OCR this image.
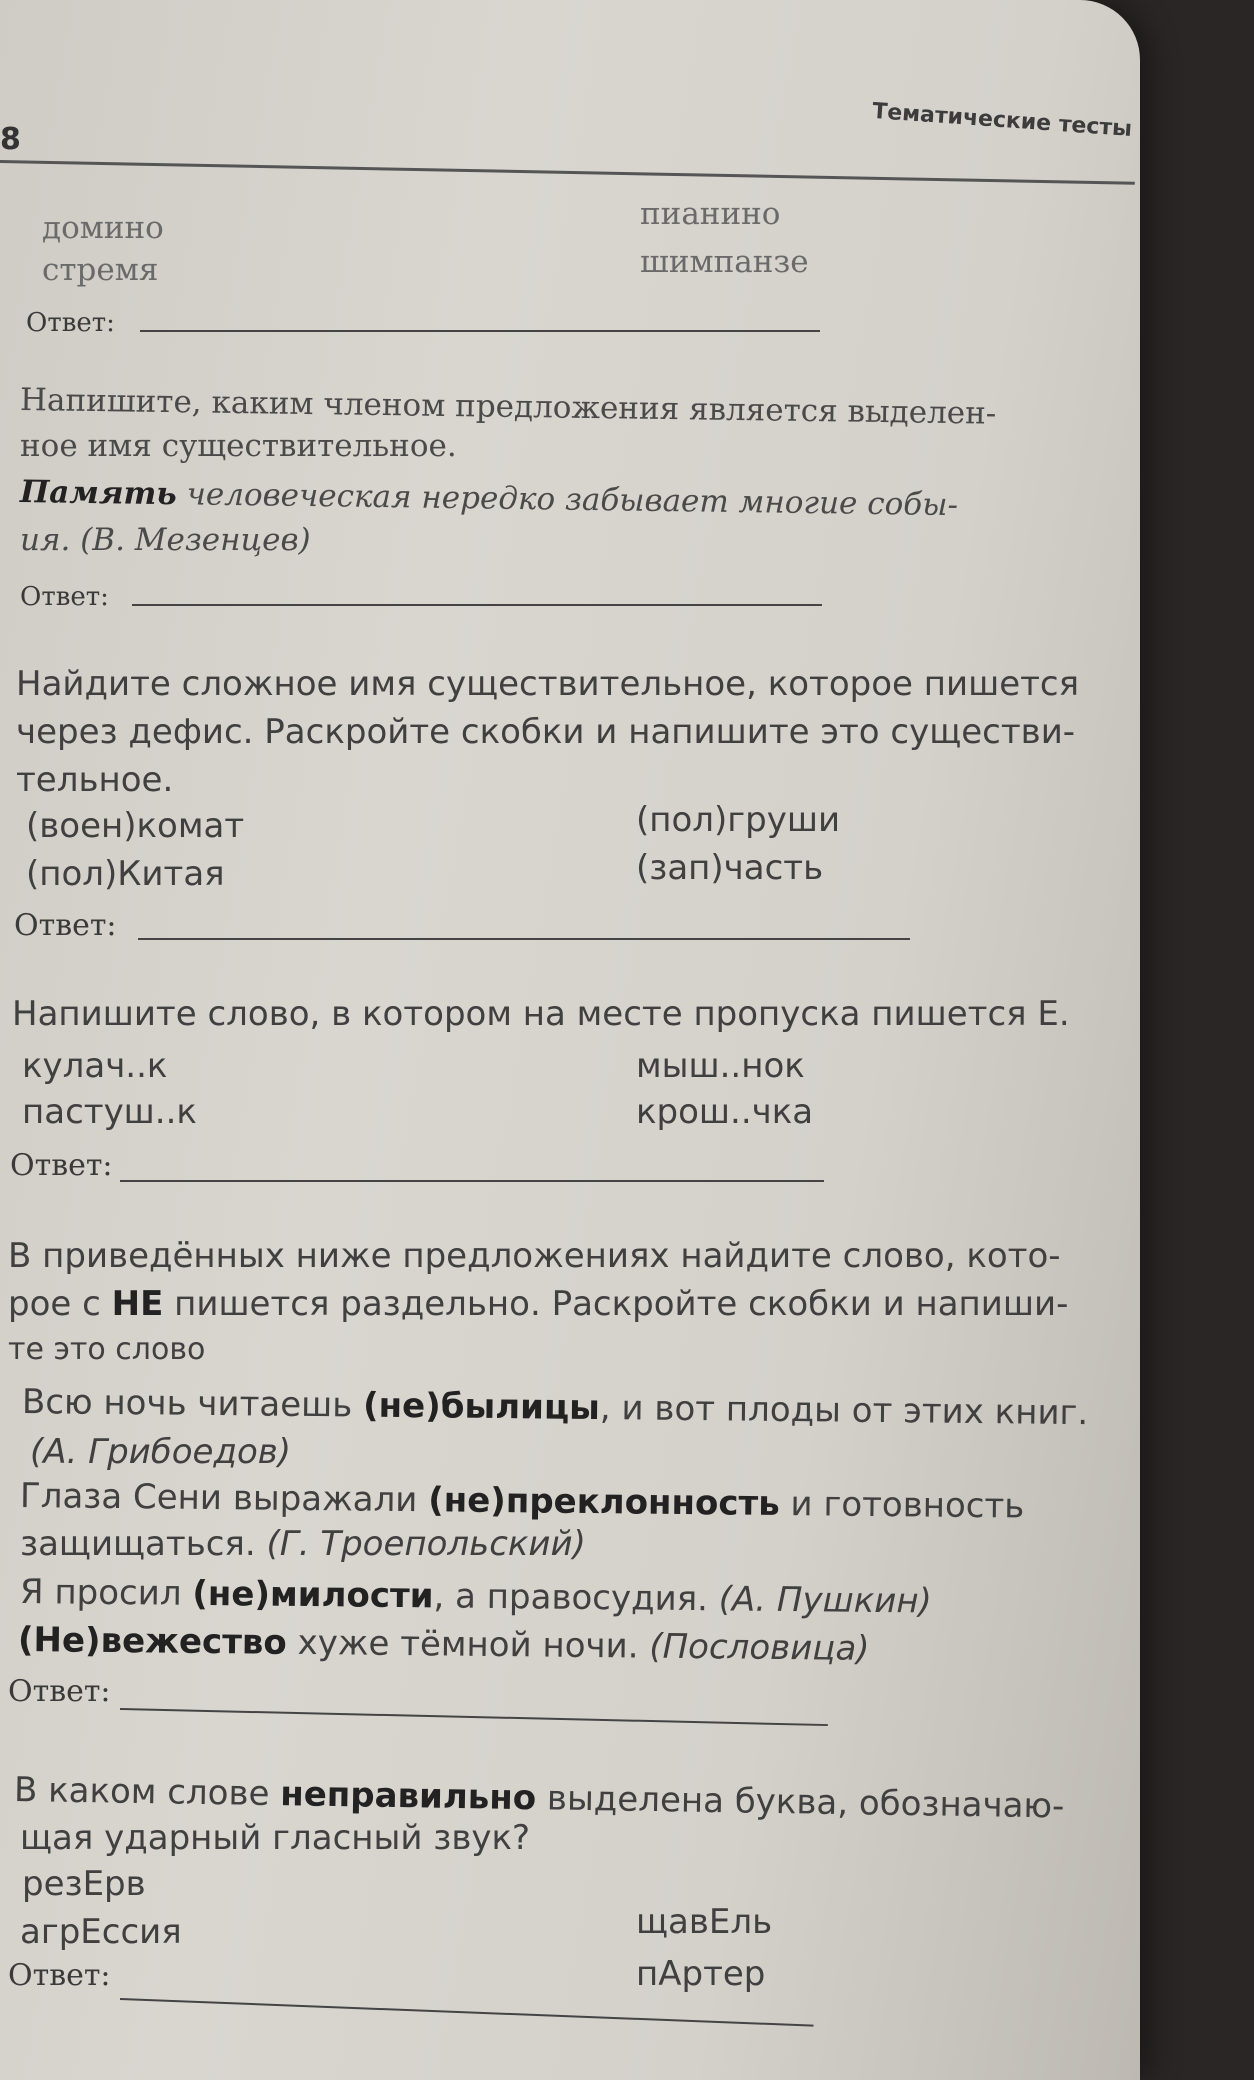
8	Тематические тесты
домино	пианино
стремя	шимпанзе
Ответ:
Напишите, каким членом предложения является выделен-
ное имя существительное.
Память человеческая нередко забывает многие собы-
ия. (В. Мезенцев)
Ответ:
Найдите сложное имя существительное, которое пишется
через дефис. Раскройте скобки и напишите это существи-
тельное.
(воен)комат	(пол)груши
(пол)Китая	(зап)часть
Ответ:
Напишите слово, в котором на месте пропуска пишется Е.
кулач..к	мыш..нок
пастуш..к	крош..чка
Ответ:
В приведённых ниже предложениях найдите слово, кото-
рое с НЕ пишется раздельно. Раскройте скобки и напиши-
те это слово
Всю ночь читаешь (не)былицы, и вот плоды от этих книг.
(А. Грибоедов)
Глаза Сени выражали (не)преклонность и готовность
защищаться. (Г. Троепольский)
Я просил (не)милости, а правосудия. (А. Пушкин)
(Не)вежество хуже тёмной ночи. (Пословица)
Ответ:
В каком слове неправильно выделена буква, обозначаю-
щая ударный гласный звук?
резЕрв
агрЕссия	щавЕль
пАртер
Ответ:
